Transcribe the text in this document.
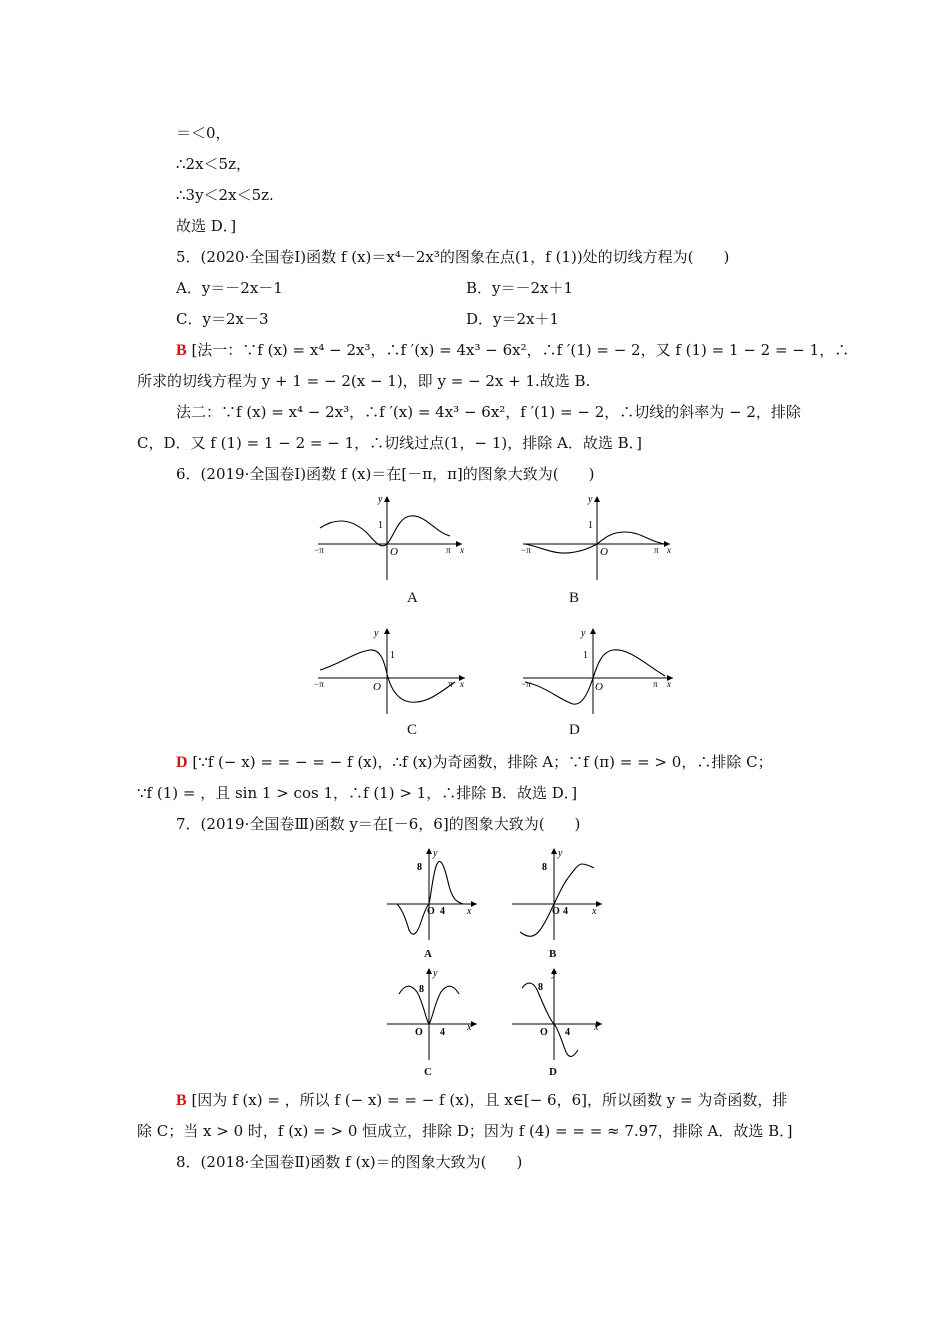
＝＜0，
∴2x＜5z，
∴3y＜2x＜5z.
故选 D．]
5．(2020·全国卷Ⅰ)函数 f (x)＝x⁴－2x³的图象在点(1，f (1))处的切线方程为(　　)
A．y＝－2x－1	B．y＝－2x＋1
C．y＝2x－3	D．y＝2x＋1
B [法一：∵f (x) = x⁴ − 2x³，∴f ′(x) = 4x³ − 6x²，∴f ′(1) = − 2，又 f (1) = 1 − 2 = − 1，∴
所求的切线方程为 y + 1 = − 2(x − 1)，即 y = − 2x + 1.故选 B.
法二：∵f (x) = x⁴ − 2x³，∴f ′(x) = 4x³ − 6x²，f ′(1) = − 2，∴切线的斜率为 − 2，排除
C，D．又 f (1) = 1 − 2 = − 1，∴切线过点(1，− 1)，排除 A．故选 B．]
6．(2019·全国卷Ⅰ)函数 f (x)＝在[－π，π]的图象大致为(　　)
y
1
O
−π	π x
A
y
1
O
−π	π x
B
y
1
O
−π	π x
C
y
1
O
−π	π x
D
D [∵f (− x) = = − = − f (x)，∴f (x)为奇函数，排除 A；∵f (π) = = > 0，∴排除 C；
∵f (1) = ，且 sin 1 > cos 1，∴f (1) > 1，∴排除 B．故选 D．]
7．(2019·全国卷Ⅲ)函数 y＝在[－6，6]的图象大致为(　　)
y
8
O 4 x
A
y
8
O 4 x
B
y
8
O 4 x
C
y
8
O 4 x
D
B [因为 f (x) = ，所以 f (− x) = = − f (x)，且 x∈[− 6，6]，所以函数 y = 为奇函数，排
除 C；当 x > 0 时，f (x) = > 0 恒成立，排除 D；因为 f (4) = = = ≈ 7.97，排除 A．故选 B．]
8．(2018·全国卷Ⅱ)函数 f (x)＝的图象大致为(　　)
